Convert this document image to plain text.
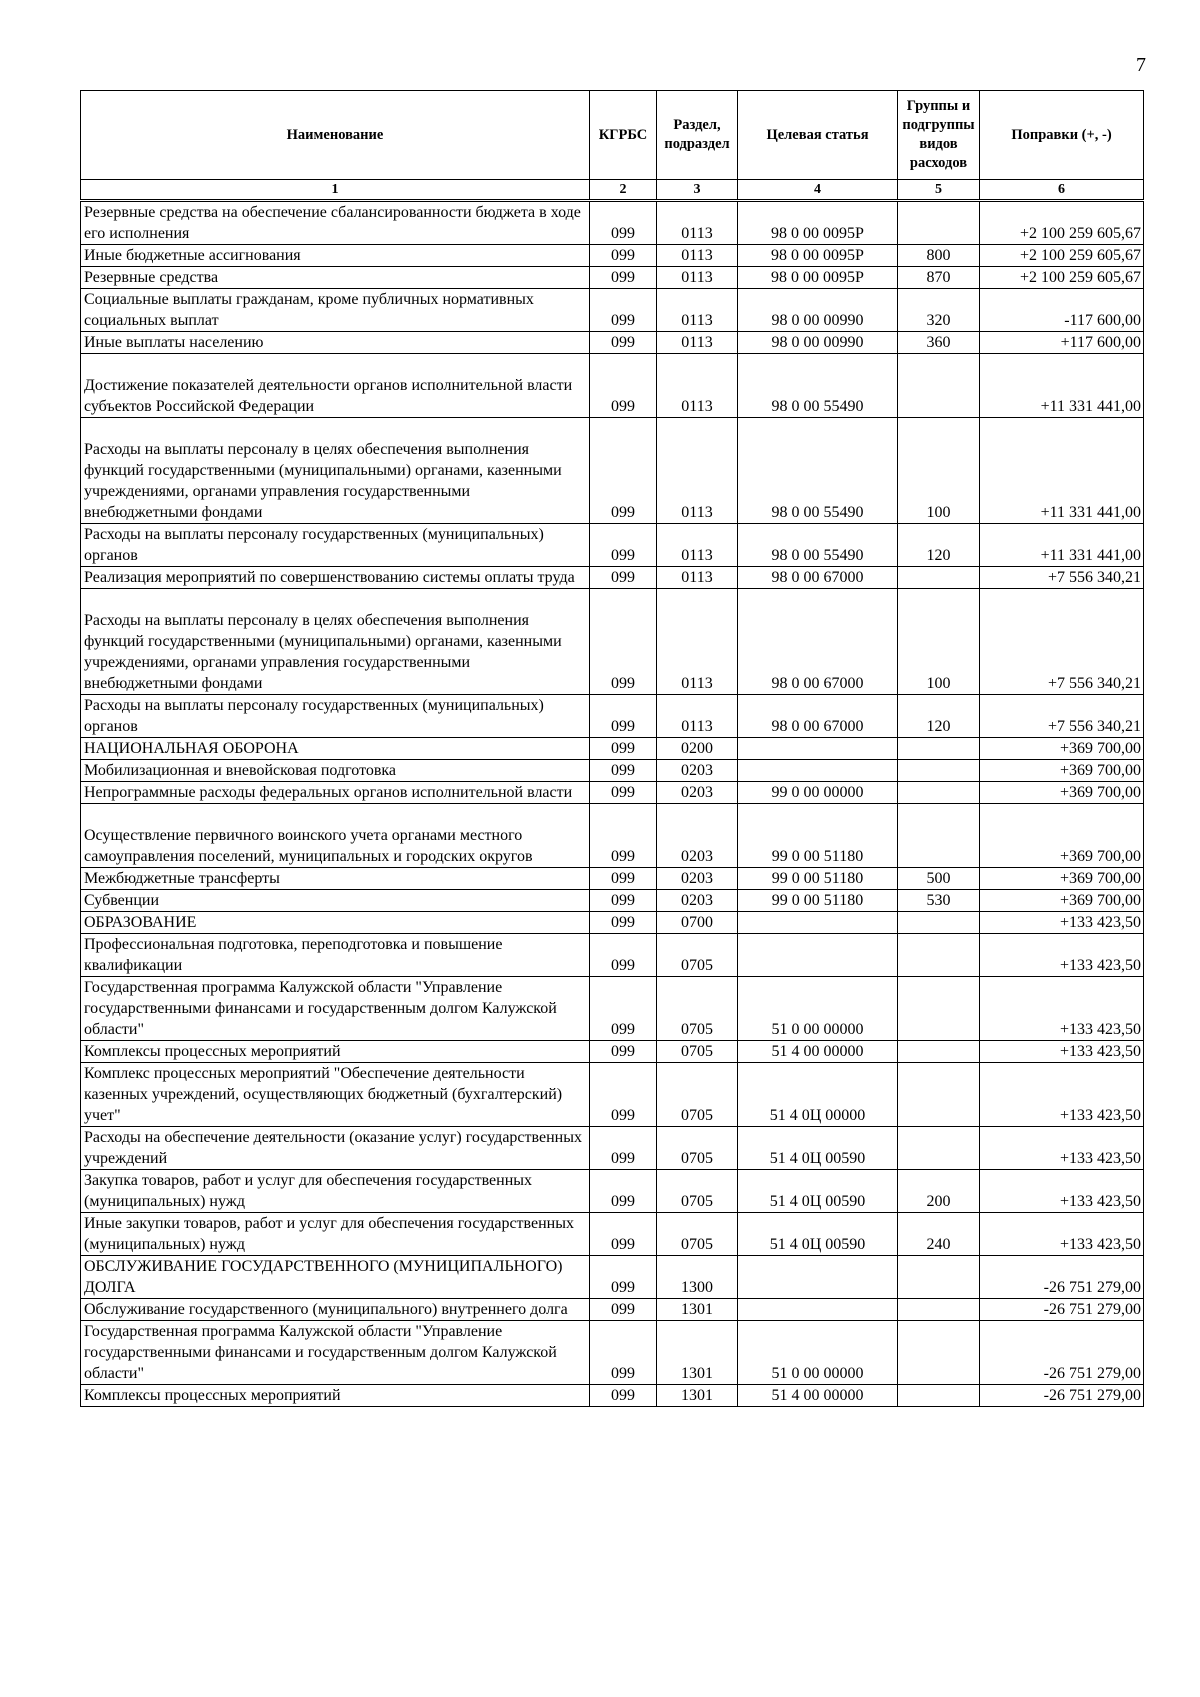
7
Наименование	КГРБС	Раздел, подраздел	Целевая статья	Группы и подгруппы видов расходов	Поправки (+, -)
1	2	3	4	5	6
Резервные средства на обеспечение сбалансированности бюджета в ходе его исполнения	099	0113	98 0 00 0095Р		+2 100 259 605,67
Иные бюджетные ассигнования	099	0113	98 0 00 0095Р	800	+2 100 259 605,67
Резервные средства	099	0113	98 0 00 0095Р	870	+2 100 259 605,67
Социальные выплаты гражданам, кроме публичных нормативных социальных выплат	099	0113	98 0 00 00990	320	-117 600,00
Иные выплаты населению	099	0113	98 0 00 00990	360	+117 600,00
Достижение показателей деятельности органов исполнительной власти субъектов Российской Федерации	099	0113	98 0 00 55490		+11 331 441,00
Расходы на выплаты персоналу в целях обеспечения выполнения функций государственными (муниципальными) органами, казенными учреждениями, органами управления государственными внебюджетными фондами	099	0113	98 0 00 55490	100	+11 331 441,00
Расходы на выплаты персоналу государственных (муниципальных) органов	099	0113	98 0 00 55490	120	+11 331 441,00
Реализация мероприятий по совершенствованию системы оплаты труда	099	0113	98 0 00 67000		+7 556 340,21
Расходы на выплаты персоналу в целях обеспечения выполнения функций государственными (муниципальными) органами, казенными учреждениями, органами управления государственными внебюджетными фондами	099	0113	98 0 00 67000	100	+7 556 340,21
Расходы на выплаты персоналу государственных (муниципальных) органов	099	0113	98 0 00 67000	120	+7 556 340,21
НАЦИОНАЛЬНАЯ ОБОРОНА	099	0200			+369 700,00
Мобилизационная и вневойсковая подготовка	099	0203			+369 700,00
Непрограммные расходы федеральных органов исполнительной власти	099	0203	99 0 00 00000		+369 700,00
Осуществление первичного воинского учета органами местного самоуправления поселений, муниципальных и городских округов	099	0203	99 0 00 51180		+369 700,00
Межбюджетные трансферты	099	0203	99 0 00 51180	500	+369 700,00
Субвенции	099	0203	99 0 00 51180	530	+369 700,00
ОБРАЗОВАНИЕ	099	0700			+133 423,50
Профессиональная подготовка, переподготовка и повышение квалификации	099	0705			+133 423,50
Государственная программа Калужской области "Управление государственными финансами и государственным долгом Калужской области"	099	0705	51 0 00 00000		+133 423,50
Комплексы процессных мероприятий	099	0705	51 4 00 00000		+133 423,50
Комплекс процессных мероприятий "Обеспечение деятельности казенных учреждений, осуществляющих бюджетный (бухгалтерский) учет"	099	0705	51 4 0Ц 00000		+133 423,50
Расходы на обеспечение деятельности (оказание услуг) государственных учреждений	099	0705	51 4 0Ц 00590		+133 423,50
Закупка товаров, работ и услуг для обеспечения государственных (муниципальных) нужд	099	0705	51 4 0Ц 00590	200	+133 423,50
Иные закупки товаров, работ и услуг для обеспечения государственных (муниципальных) нужд	099	0705	51 4 0Ц 00590	240	+133 423,50
ОБСЛУЖИВАНИЕ ГОСУДАРСТВЕННОГО (МУНИЦИПАЛЬНОГО) ДОЛГА	099	1300			-26 751 279,00
Обслуживание государственного (муниципального) внутреннего долга	099	1301			-26 751 279,00
Государственная программа Калужской области "Управление государственными финансами и государственным долгом Калужской области"	099	1301	51 0 00 00000		-26 751 279,00
Комплексы процессных мероприятий	099	1301	51 4 00 00000		-26 751 279,00
